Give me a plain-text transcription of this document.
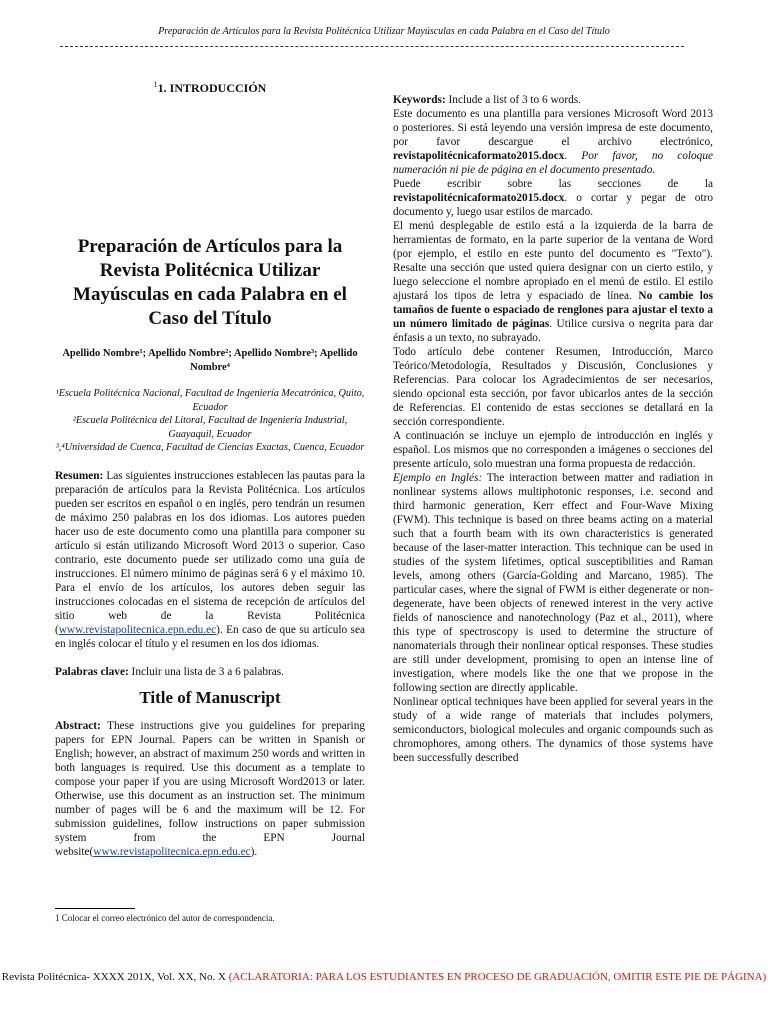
Preparación de Artículos para la Revista Politécnica Utilizar Mayúsculas en cada Palabra en el Caso del Título
$^1$1. INTRODUCCIÓN
Preparación de Artículos para la Revista Politécnica Utilizar Mayúsculas en cada Palabra en el Caso del Título
Apellido Nombre¹; Apellido Nombre²; Apellido Nombre³; Apellido Nombre⁴

¹Escuela Politécnica Nacional, Facultad de Ingeniería Mecatrónica, Quito, Ecuador

²Escuela Politécnica del Litoral, Facultad de Ingeniería Industrial, Guayaquil, Ecuador

³,⁴Universidad de Cuenca, Facultad de Ciencias Exactas, Cuenca, Ecuador

Resumen: Las siguientes instrucciones establecen las pautas para la preparación de artículos para la Revista Politécnica. Los artículos pueden ser escritos en español o en inglés, pero tendrán un resumen de máximo 250 palabras en los dos idiomas. Los autores pueden hacer uso de este documento como una plantilla para componer su artículo si están utilizando Microsoft Word 2013 o superior. Caso contrario, este documento puede ser utilizado como una guía de instrucciones. El número mínimo de páginas será 6 y el máximo 10. Para el envío de los artículos, los autores deben seguir las instrucciones colocadas en el sistema de recepción de artículos del sitio web de la Revista Politécnica (www.revistapolitecnica.epn.edu.ec). En caso de que su artículo sea en inglés colocar el título y el resumen en los dos idiomas.

Palabras clave: Incluir una lista de 3 a 6 palabras.

Title of Manuscript

Abstract: These instructions give you guidelines for preparing papers for EPN Journal. Papers can be written in Spanish or English; however, an abstract of maximum 250 words and written in both languages is required. Use this document as a template to compose your paper if you are using Microsoft Word2013 or later. Otherwise, use this document as an instruction set. The minimum number of pages will be 6 and the maximum will be 12. For submission guidelines, follow instructions on paper submission system from the EPN Journal website(www.revistapolitecnica.epn.edu.ec).

1 Colocar el correo electrónico del autor de correspondencia.

Keywords: Include a list of 3 to 6 words.

Este documento es una plantilla para versiones Microsoft Word 2013 o posteriores. Si está leyendo una versión impresa de este documento, por favor descargue el archivo electrónico, revistapolitécnicaformato2015.docx. Por favor, no coloque numeración ni pie de página en el documento presentado.

Puede escribir sobre las secciones de la revistapolitécnicaformato2015.docx. o cortar y pegar de otro documento y, luego usar estilos de marcado.

El menú desplegable de estilo está a la izquierda de la barra de herramientas de formato, en la parte superior de la ventana de Word (por ejemplo, el estilo en este punto del documento es "Texto"). Resalte una sección que usted quiera designar con un cierto estilo, y luego seleccione el nombre apropiado en el menú de estilo. El estilo ajustará los tipos de letra y espaciado de línea. No cambie los tamaños de fuente o espaciado de renglones para ajustar el texto a un número limitado de páginas. Utilice cursiva o negrita para dar énfasis a un texto, no subrayado.

Todo artículo debe contener Resumen, Introducción, Marco Teórico/Metodología, Resultados y Discusión, Conclusiones y Referencias. Para colocar los Agradecimientos de ser necesarios, siendo opcional esta sección, por favor ubicarlos antes de la sección de Referencias. El contenido de estas secciones se detallará en la sección correspondiente.

A continuación se incluye un ejemplo de introducción en inglés y español. Los mismos que no corresponden a imágenes o secciones del presente artículo, solo muestran una forma propuesta de redacción.

Ejemplo en Inglés: The interaction between matter and radiation in nonlinear systems allows multiphotonic responses, i.e. second and third harmonic generation, Kerr effect and Four-Wave Mixing (FWM). This technique is based on three beams acting on a material such that a fourth beam with its own characteristics is generated because of the laser-matter interaction. This technique can be used in studies of the system lifetimes, optical susceptibilities and Raman levels, among others (García-Golding and Marcano, 1985). The particular cases, where the signal of FWM is either degenerate or non-degenerate, have been objects of renewed interest in the very active fields of nanoscience and nanotechnology (Paz et al., 2011), where this type of spectroscopy is used to determine the structure of nanomaterials through their nonlinear optical responses. These studies are still under development, promising to open an intense line of investigation, where models like the one that we propose in the following section are directly applicable.

Nonlinear optical techniques have been applied for several years in the study of a wide range of materials that includes polymers, semiconductors, biological molecules and organic compounds such as chromophores, among others. The dynamics of those systems have been successfully described

Revista Politécnica- XXXX 201X, Vol. XX, No. X (ACLARATORIA: PARA LOS ESTUDIANTES EN PROCESO DE GRADUACIÓN, OMITIR ESTE PIE DE PÁGINA)
